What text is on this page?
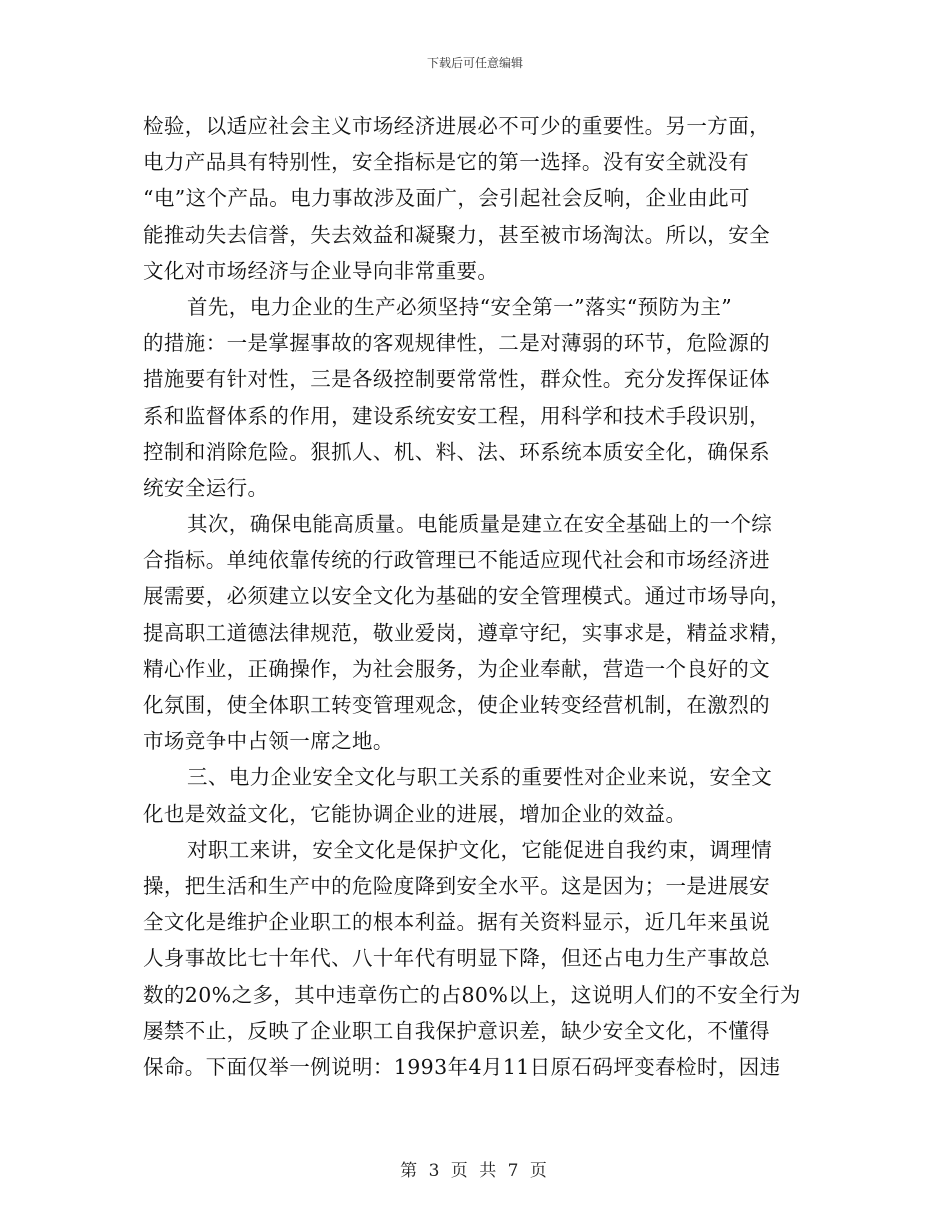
下载后可任意编辑
检验，以适应社会主义市场经济进展必不可少的重要性。另一方面，
电力产品具有特别性，安全指标是它的第一选择。没有安全就没有
“电”这个产品。电力事故涉及面广，会引起社会反响，企业由此可
能推动失去信誉，失去效益和凝聚力，甚至被市场淘汰。所以，安全
文化对市场经济与企业导向非常重要。
首先，电力企业的生产必须坚持“安全第一”落实“预防为主”
的措施：一是掌握事故的客观规律性，二是对薄弱的环节，危险源的
措施要有针对性，三是各级控制要常常性，群众性。充分发挥保证体
系和监督体系的作用，建设系统安安工程，用科学和技术手段识别，
控制和消除危险。狠抓人、机、料、法、环系统本质安全化，确保系
统安全运行。
其次，确保电能高质量。电能质量是建立在安全基础上的一个综
合指标。单纯依靠传统的行政管理已不能适应现代社会和市场经济进
展需要，必须建立以安全文化为基础的安全管理模式。通过市场导向，
提高职工道德法律规范，敬业爱岗，遵章守纪，实事求是，精益求精，
精心作业，正确操作，为社会服务，为企业奉献，营造一个良好的文
化氛围，使全体职工转变管理观念，使企业转变经营机制，在激烈的
市场竞争中占领一席之地。
三、电力企业安全文化与职工关系的重要性对企业来说，安全文
化也是效益文化，它能协调企业的进展，增加企业的效益。
对职工来讲，安全文化是保护文化，它能促进自我约束，调理情
操，把生活和生产中的危险度降到安全水平。这是因为；一是进展安
全文化是维护企业职工的根本利益。据有关资料显示，近几年来虽说
人身事故比七十年代、八十年代有明显下降，但还占电力生产事故总
数的20%之多，其中违章伤亡的占80%以上，这说明人们的不安全行为
屡禁不止，反映了企业职工自我保护意识差，缺少安全文化，不懂得
保命。下面仅举一例说明：1993年4月11日原石码坪变春检时，因违
第 3 页 共 7 页
